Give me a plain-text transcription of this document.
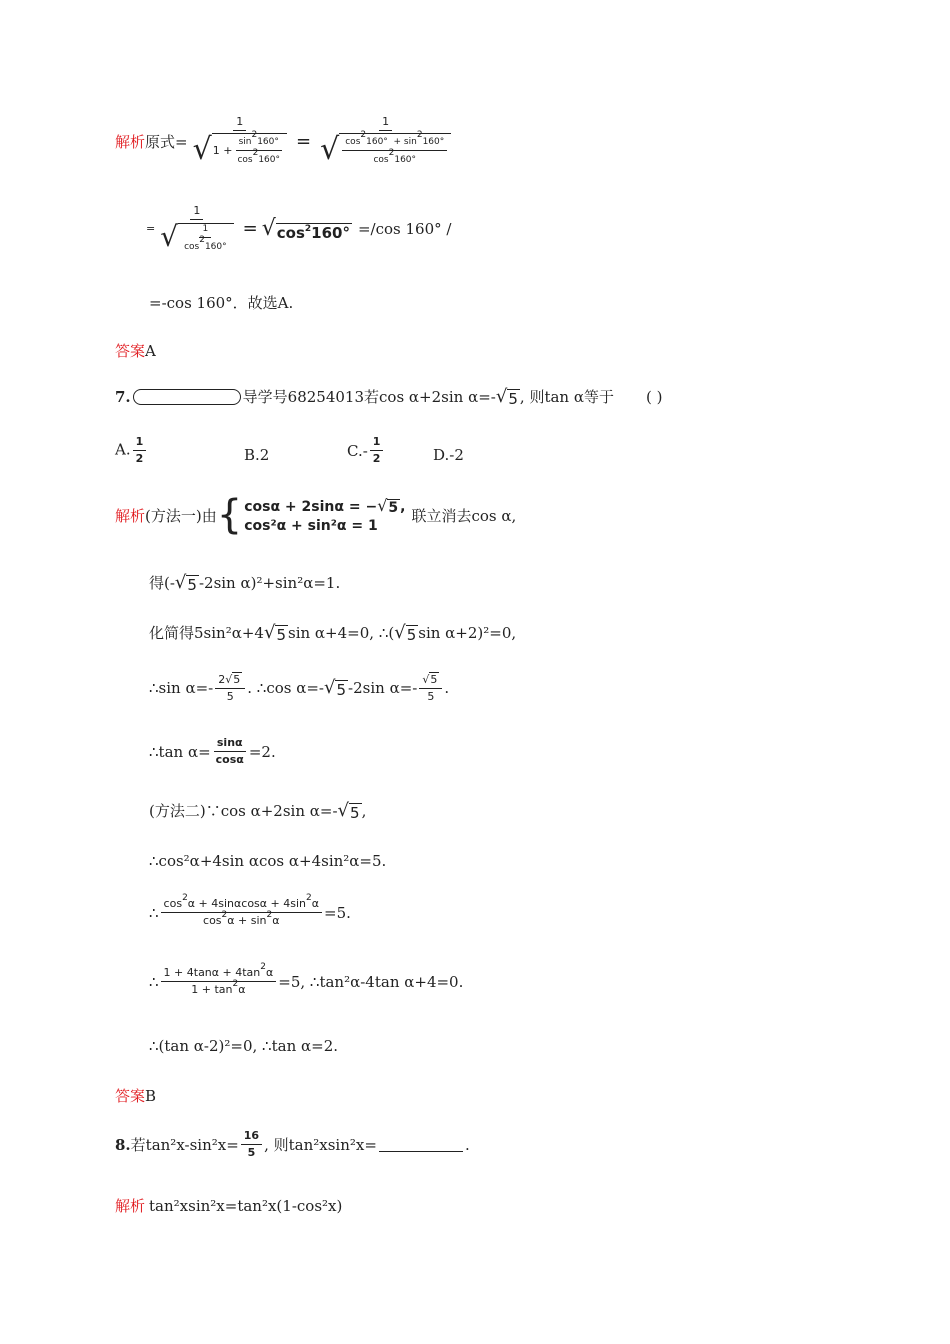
解析 原式= $\frac{1}{√ 1 + \frac{\sin^2160^\circ}{\cos^2160^\circ}} = \frac{1}{√ \frac{\cos^2160^\circ + \sin^2160^\circ}{\cos^2160^\circ}}$
= $\frac{1}{√ \frac{1}{\cos^2160^\circ}}$ = √ $\cos^2160^\circ =/\cos$ 160° /
=-cos 160°．故选A.
答案 A
7.	导学号68254013 若cos α+2sin α=- √ 5 , 则tan α等于 ( )
A. $\frac{1}{2}$	B.2	$C.- \frac{1}{2}$	D.-2
解析 (方法一)由 { cosα + 2sinα = − √ 5 ,
cos²α + sin²α = 1
联立消去cos α,
得(- √ 5 -2sin α)²+sin²α=1.
化简得5sin²α+4 √ 5 sin α+4=0, ∴( √ 5 sin α+2)²=0,
∴sin $\alpha=- \frac{2 √ 5}{5}$ . ∴cos α=- √ 5 -2sin $\alpha=- \frac{√ 5}{5}$ .
∴tan $\alpha= \frac{\sin\alpha}{\cos\alpha} =2$.
(方法二)∵cos α+2sin α=- √ 5 ,
∴cos²α+4sin αcos α+4sin²α=5.
∴ $\frac{\cos^2\alpha + 4\sin\alpha\cos\alpha + 4\sin^2\alpha}{\cos^2\alpha + \sin^2\alpha} =5$.
∴ $\frac{1 + 4\tan\alpha + 4\tan^2\alpha}{1 + \tan^2\alpha} =5$, ∴tan²α-4tan α+4=0.
∴(tan α-2)²=0, ∴tan α=2.
答案 B
8. 若$\tan^2x-\sin^2x= \frac{16}{5}$ , 则tan²xsin²x=	.
解析 tan²xsin²x=tan²x(1-cos²x)
